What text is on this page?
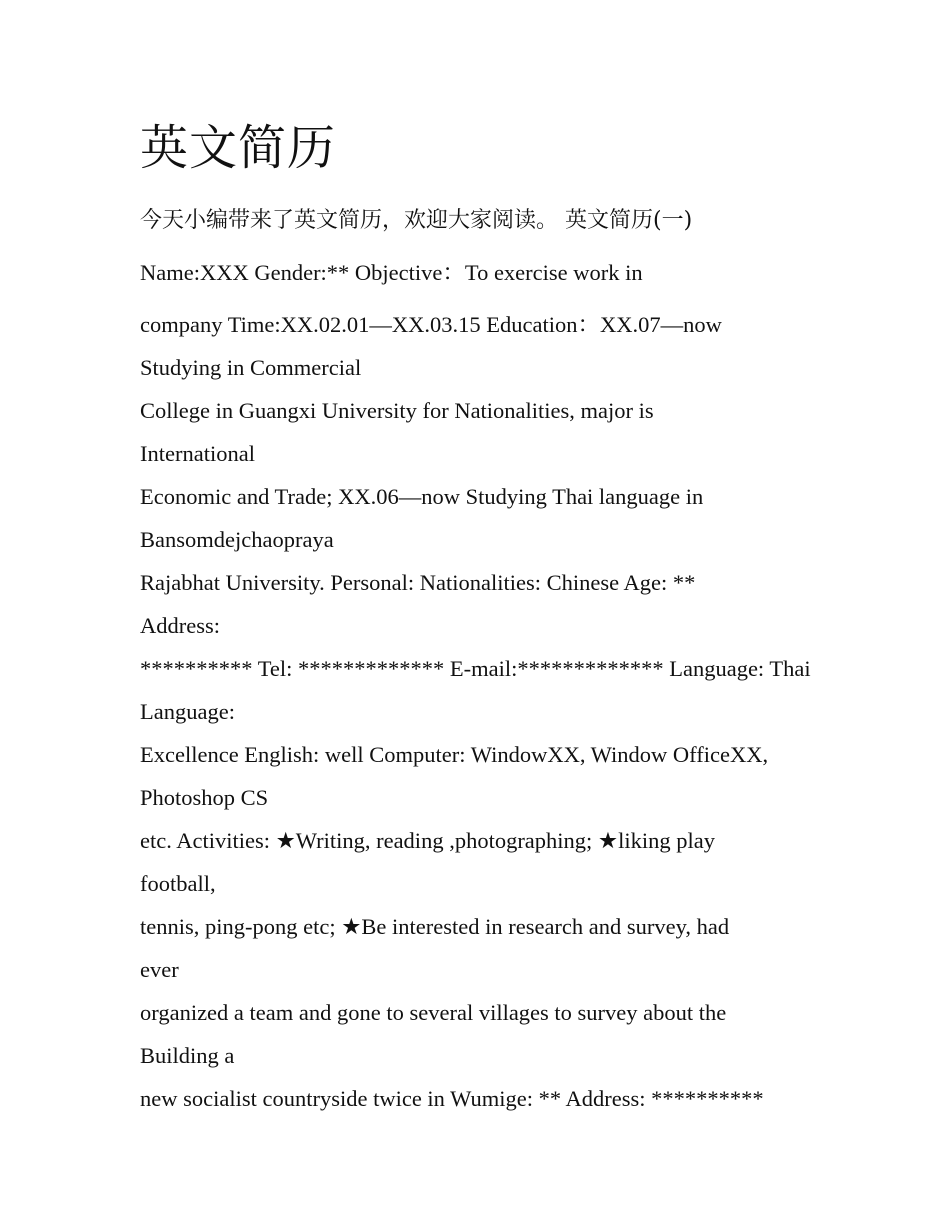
英文简历

今天小编带来了英文简历，欢迎大家阅读。 英文简历(一)

Name:XXX Gender:** Objective：To exercise work in

company Time:XX.02.01—XX.03.15 Education：XX.07—now

Studying in Commercial

College in Guangxi University for Nationalities, major is

International

Economic and Trade; XX.06—now Studying Thai language in

Bansomdejchaopraya

Rajabhat University. Personal: Nationalities: Chinese Age: **

Address:

********** Tel: ************* E-mail:************* Language: Thai

Language:

Excellence English: well Computer: WindowXX, Window OfficeXX,

Photoshop CS

etc. Activities: ★Writing, reading ,photographing; ★liking play

football,

tennis, ping-pong etc; ★Be interested in research and survey, had

ever

organized a team and gone to several villages to survey about the

Building a

new socialist countryside twice in Wumige: ** Address: **********
